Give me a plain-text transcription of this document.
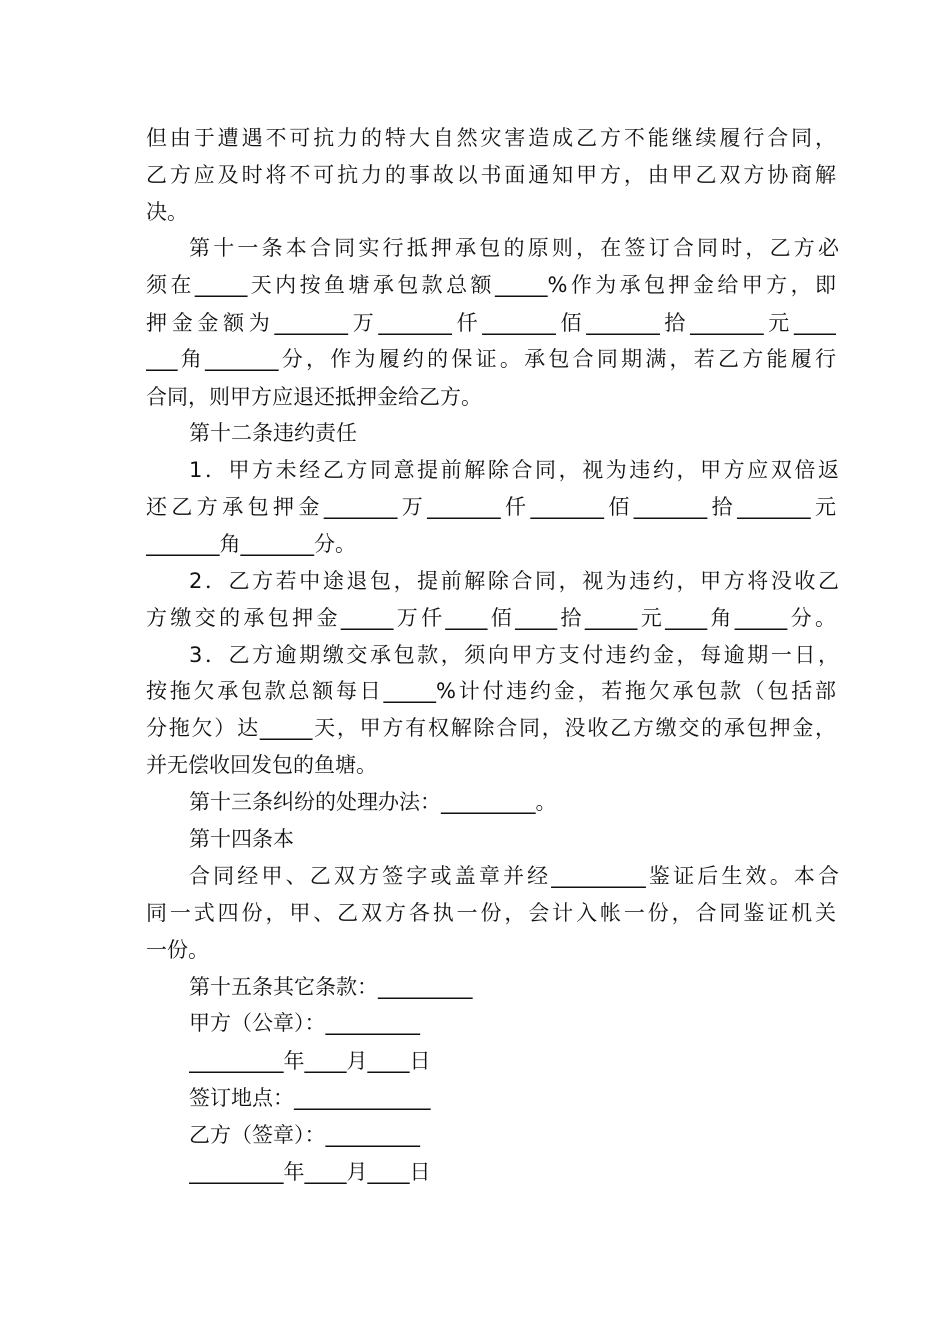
但由于遭遇不可抗力的特大自然灾害造成乙方不能继续履行合同，
乙方应及时将不可抗力的事故以书面通知甲方，由甲乙双方协商解
决。
第十一条本合同实行抵押承包的原则，在签订合同时，乙方必
须在_____天内按鱼塘承包款总额_____%作为承包押金给甲方，即
押金金额为_______万_______仟_______佰_______拾_______元____
___角_______分，作为履约的保证。承包合同期满，若乙方能履行
合同，则甲方应退还抵押金给乙方。
第十二条违约责任
1．甲方未经乙方同意提前解除合同，视为违约，甲方应双倍返
还乙方承包押金_______万_______仟_______佰_______拾_______元
_______角_______分。
2．乙方若中途退包，提前解除合同，视为违约，甲方将没收乙
方缴交的承包押金_____万仟____佰____拾_____元____角_____分。
3．乙方逾期缴交承包款，须向甲方支付违约金，每逾期一日，
按拖欠承包款总额每日_____%计付违约金，若拖欠承包款（包括部
分拖欠）达_____天，甲方有权解除合同，没收乙方缴交的承包押金，
并无偿收回发包的鱼塘。
第十三条纠纷的处理办法：_________。
第十四条本
合同经甲、乙双方签字或盖章并经_________鉴证后生效。本合
同一式四份，甲、乙双方各执一份，会计入帐一份，合同鉴证机关
一份。
第十五条其它条款：_________
甲方（公章）：_________
_________年____月____日
签订地点：_____________
乙方（签章）：_________
_________年____月____日
